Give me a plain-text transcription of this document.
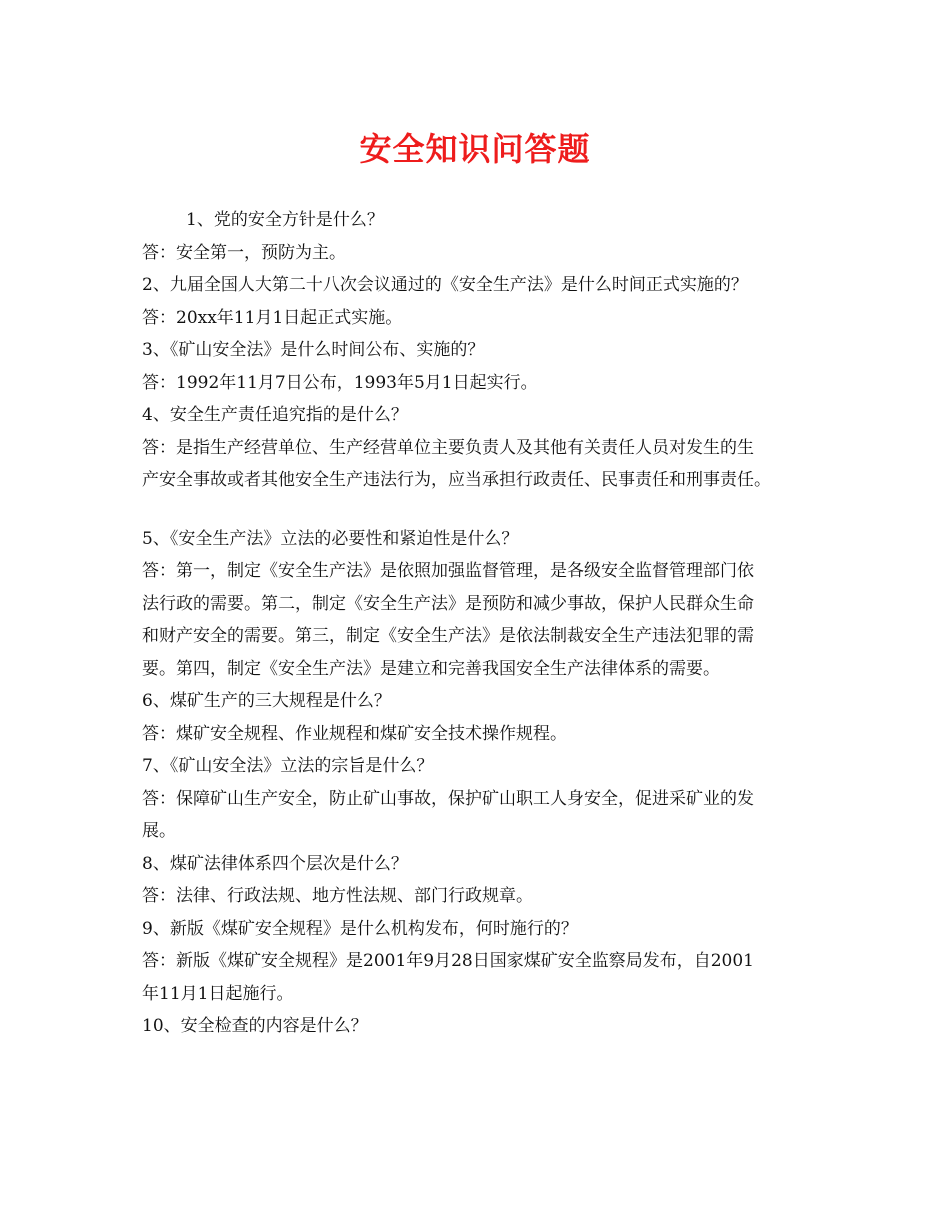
安全知识问答题
1、党的安全方针是什么？
答：安全第一，预防为主。
2、九届全国人大第二十八次会议通过的《安全生产法》是什么时间正式实施的？
答：20xx年11月1日起正式实施。
3、《矿山安全法》是什么时间公布、实施的？
答：1992年11月7日公布，1993年5月1日起实行。
4、安全生产责任追究指的是什么？
答：是指生产经营单位、生产经营单位主要负责人及其他有关责任人员对发生的生
产安全事故或者其他安全生产违法行为，应当承担行政责任、民事责任和刑事责任。
5、《安全生产法》立法的必要性和紧迫性是什么？
答：第一，制定《安全生产法》是依照加强监督管理，是各级安全监督管理部门依
法行政的需要。第二，制定《安全生产法》是预防和减少事故，保护人民群众生命
和财产安全的需要。第三，制定《安全生产法》是依法制裁安全生产违法犯罪的需
要。第四，制定《安全生产法》是建立和完善我国安全生产法律体系的需要。
6、煤矿生产的三大规程是什么？
答：煤矿安全规程、作业规程和煤矿安全技术操作规程。
7、《矿山安全法》立法的宗旨是什么？
答：保障矿山生产安全，防止矿山事故，保护矿山职工人身安全，促进采矿业的发
展。
8、煤矿法律体系四个层次是什么？
答：法律、行政法规、地方性法规、部门行政规章。
9、新版《煤矿安全规程》是什么机构发布，何时施行的？
答：新版《煤矿安全规程》是2001年9月28日国家煤矿安全监察局发布，自2001
年11月1日起施行。
10、安全检查的内容是什么？
